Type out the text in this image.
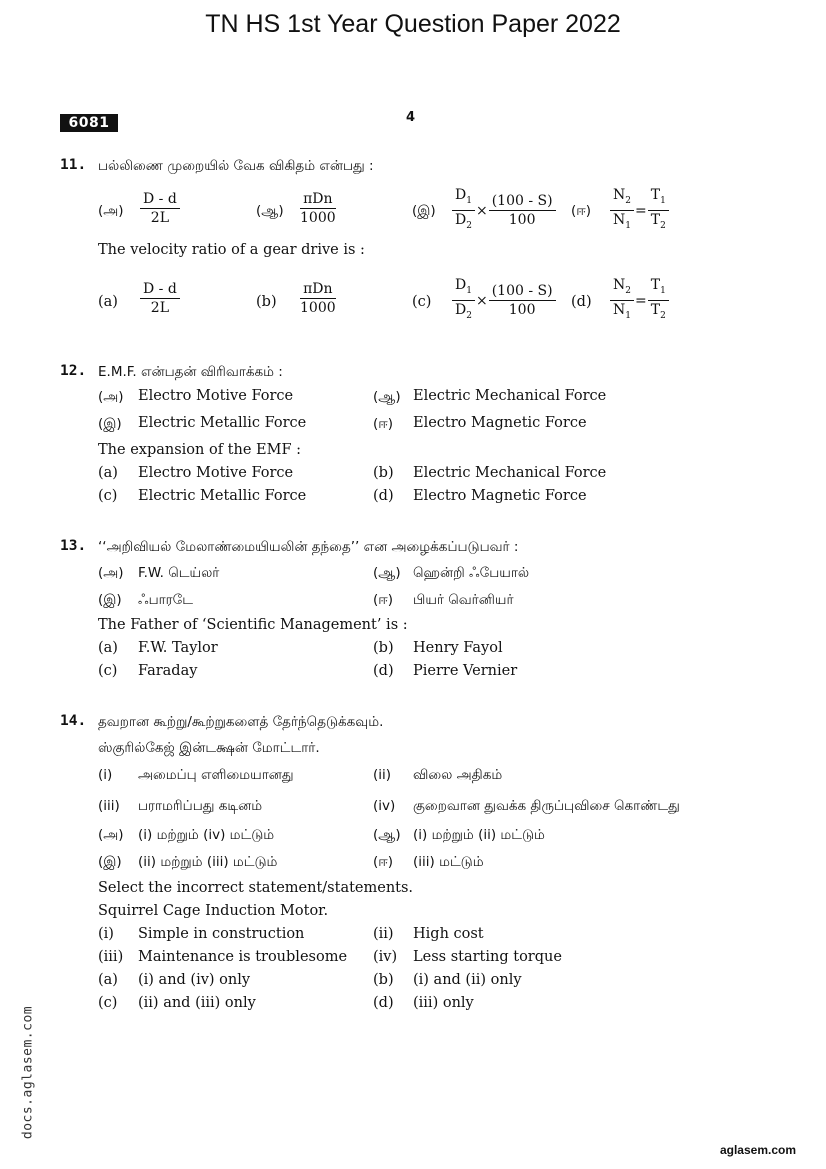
TN HS 1st Year Question Paper 2022
6081	4
11. பல்லிணை முறையில் வேக விகிதம் என்பது :
(அ) $\frac{D - d}{2L}$	(ஆ) $\frac{\text{πDn}}{1000}$	(இ) $\frac{D_1}{D_2} \times \frac{(100 - S)}{100}$ (ஈ) $\frac{N_2}{N_1} = \frac{T_1}{T_2}$
The velocity ratio of a gear drive is :
$(a) \frac{D - d}{2L}$	$(b) \frac{\text{πDn}}{1000}$	$(c) \frac{D_1}{D_2} \times \frac{(100 - S)}{100} (d) \frac{N_2}{N_1} = \frac{T_1}{T_2}$
12. E.M.F. என்பதன் விரிவாக்கம் :
(அ) Electro Motive Force	(ஆ) Electric Mechanical Force
(இ) Electric Metallic Force	(ஈ) Electro Magnetic Force
The expansion of the EMF :
(a) Electro Motive Force	(b) Electric Mechanical Force
(c) Electric Metallic Force	(d) Electro Magnetic Force
13. ‘‘அறிவியல் மேலாண்மையியலின் தந்தை’’ என அழைக்கப்படுபவர் :
(அ) F.W. டெய்லர்	(ஆ) ஹென்றி ஃபேயால்
(இ) ஃபாரடே	(ஈ) பியர் வெர்னியர்
The Father of ‘Scientific Management’ is :
(a) F.W. Taylor	(b) Henry Fayol
(c) Faraday	(d) Pierre Vernier
14. தவறான கூற்று/கூற்றுகளைத் தேர்ந்தெடுக்கவும்.
ஸ்குரில்கேஜ் இன்டக்ஷன் மோட்டார்.
(i) அமைப்பு எளிமையானது	(ii) விலை அதிகம்
(iii) பராமரிப்பது கடினம்	(iv) குறைவான துவக்க திருப்புவிசை கொண்டது
(அ) (i) மற்றும் (iv) மட்டும்	(ஆ) (i) மற்றும் (ii) மட்டும்
(இ) (ii) மற்றும் (iii) மட்டும்	(ஈ) (iii) மட்டும்
Select the incorrect statement/statements.
Squirrel Cage Induction Motor.
(i) Simple in construction	(ii) High cost
(iii) Maintenance is troublesome (iv) Less starting torque
(a) (i) and (iv) only	(b) (i) and (ii) only
(c) (ii) and (iii) only	(d) (iii) only
docs.aglasem.com
aglasem.com
